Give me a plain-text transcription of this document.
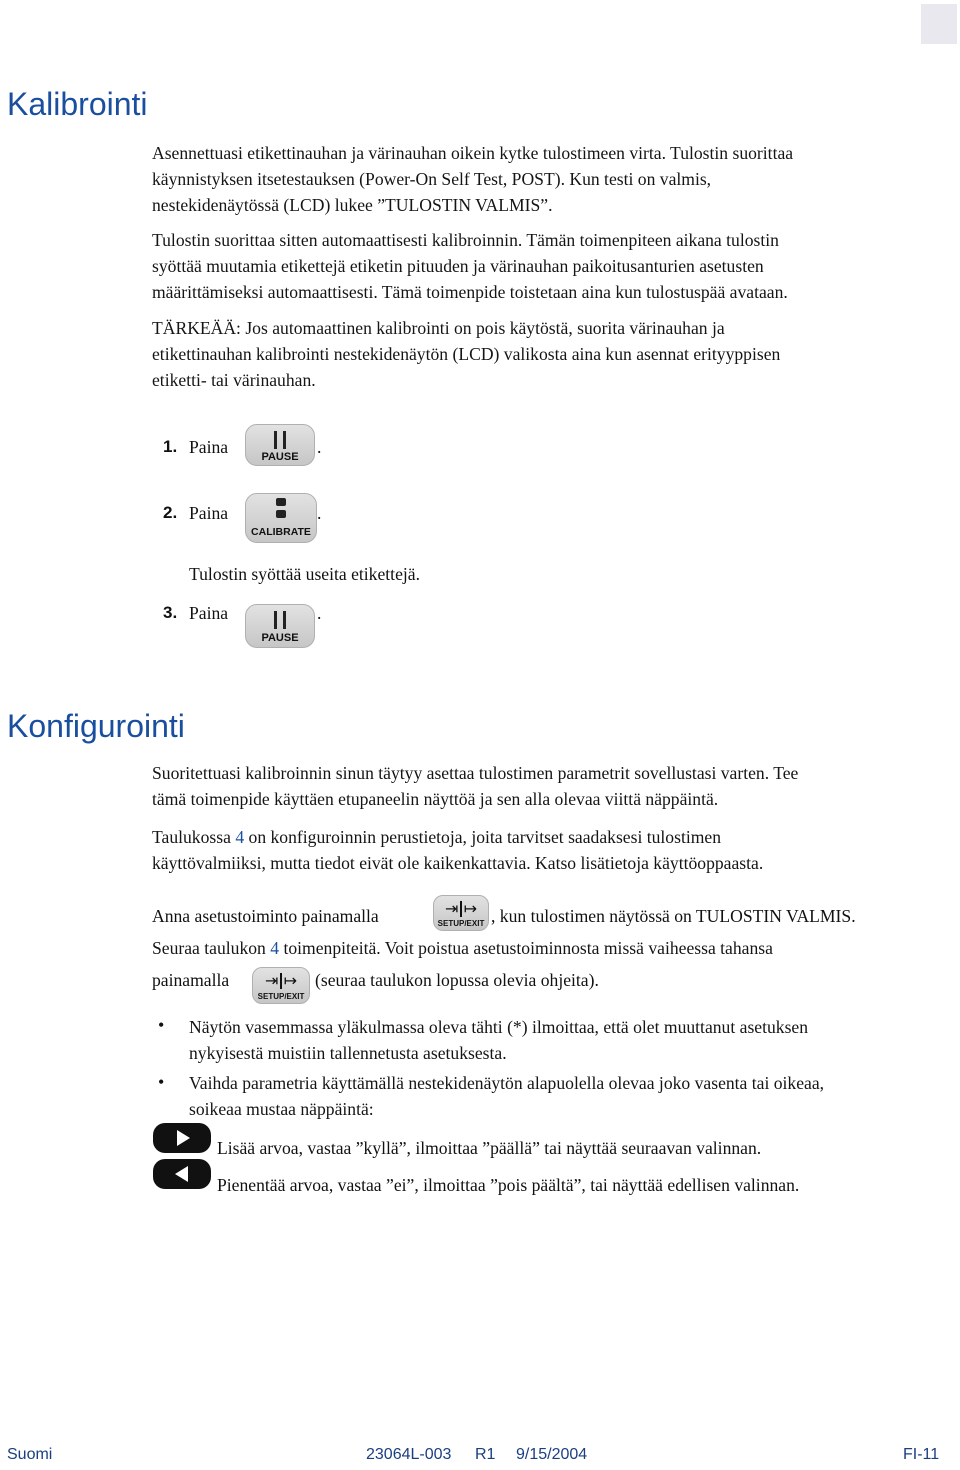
Kalibrointi

Asennettuasi etikettinauhan ja värinauhan oikein kytke tulostimeen virta. Tulostin suorittaa
käynnistyksen itsetestauksen (Power-On Self Test, POST). Kun testi on valmis,
nestekidenäytössä (LCD) lukee ”TULOSTIN VALMIS”.

Tulostin suorittaa sitten automaattisesti kalibroinnin. Tämän toimenpiteen aikana tulostin
syöttää muutamia etikettejä etiketin pituuden ja värinauhan paikoitusanturien asetusten
määrittämiseksi automaattisesti. Tämä toimenpide toistetaan aina kun tulostuspää avataan.

TÄRKEÄÄ: Jos automaattinen kalibrointi on pois käytöstä, suorita värinauhan ja
etikettinauhan kalibrointi nestekidenäytön (LCD) valikosta aina kun asennat erityyppisen
etiketti- tai värinauhan.

1. Paina	PAUSE	.
2. Paina
CALIBRATE
.
Tulostin syöttää useita etikettejä.
3. Paina
PAUSE
.
Konfigurointi

Suoritettuasi kalibroinnin sinun täytyy asettaa tulostimen parametrit sovellustasi varten. Tee
tämä toimenpide käyttäen etupaneelin näyttöä ja sen alla olevaa viittä näppäintä.

Taulukossa 4 on konfiguroinnin perustietoja, joita tarvitset saadaksesi tulostimen
käyttövalmiiksi, mutta tiedot eivät ole kaikenkattavia. Katso lisätietoja käyttöoppaasta.

Anna asetustoiminto painamalla	⇥ ↦
SETUP/EXIT , kun tulostimen näytössä on TULOSTIN VALMIS.

Seuraa taulukon 4 toimenpiteitä. Voit poistua asetustoiminnosta missä vaiheessa tahansa

painamalla ⇥ ↦
SETUP/EXIT
(seuraa taulukon lopussa olevia ohjeita).
• Näytön vasemmassa yläkulmassa oleva tähti (*) ilmoittaa, että olet muuttanut asetuksen
nykyisestä muistiin tallennetusta asetuksesta.

• Vaihda parametria käyttämällä nestekidenäytön alapuolella olevaa joko vasenta tai oikeaa,
soikeaa mustaa näppäintä:

Lisää arvoa, vastaa ”kyllä”, ilmoittaa ”päällä” tai näyttää seuraavan valinnan.
Pienentää arvoa, vastaa ”ei”, ilmoittaa ”pois päältä”, tai näyttää edellisen valinnan.
Suomi	23064L-003 R1 9/15/2004	FI-11
